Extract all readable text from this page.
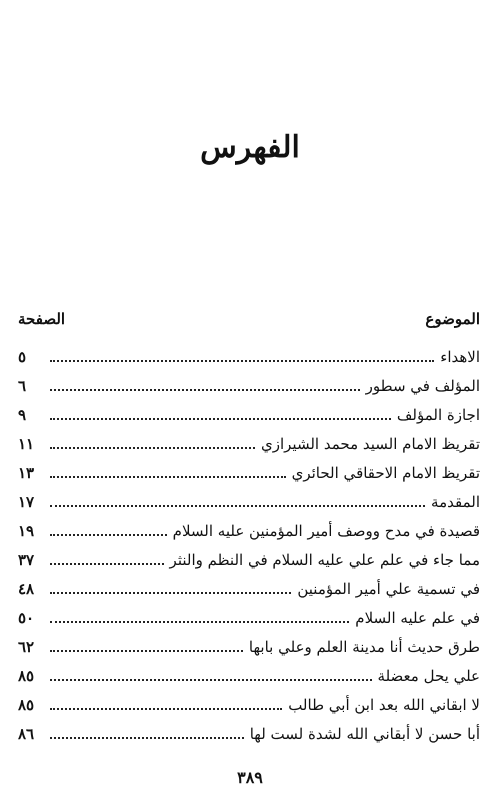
الفهرس
الموضوع
الصفحة
الاهداء
٥
المؤلف في سطور
٦
اجازة المؤلف
٩
تقريظ الامام السيد محمد الشيرازي
١١
تقريظ الامام الاحقاقي الحائري
١٣
المقدمة
١٧
قصيدة في مدح ووصف أمير المؤمنين عليه السلام
١٩
مما جاء في علم علي عليه السلام في النظم والنثر
٣٧
في تسمية علي أمير المؤمنين
٤٨
في علم عليه السلام
٥٠
طرق حديث أنا مدينة العلم وعلي بابها
٦٢
علي يحل معضلة
٨٥
لا ابقاني الله بعد ابن أبي طالب
٨٥
أبا حسن لا أبقاني الله لشدة لست لها
٨٦
٣٨٩
